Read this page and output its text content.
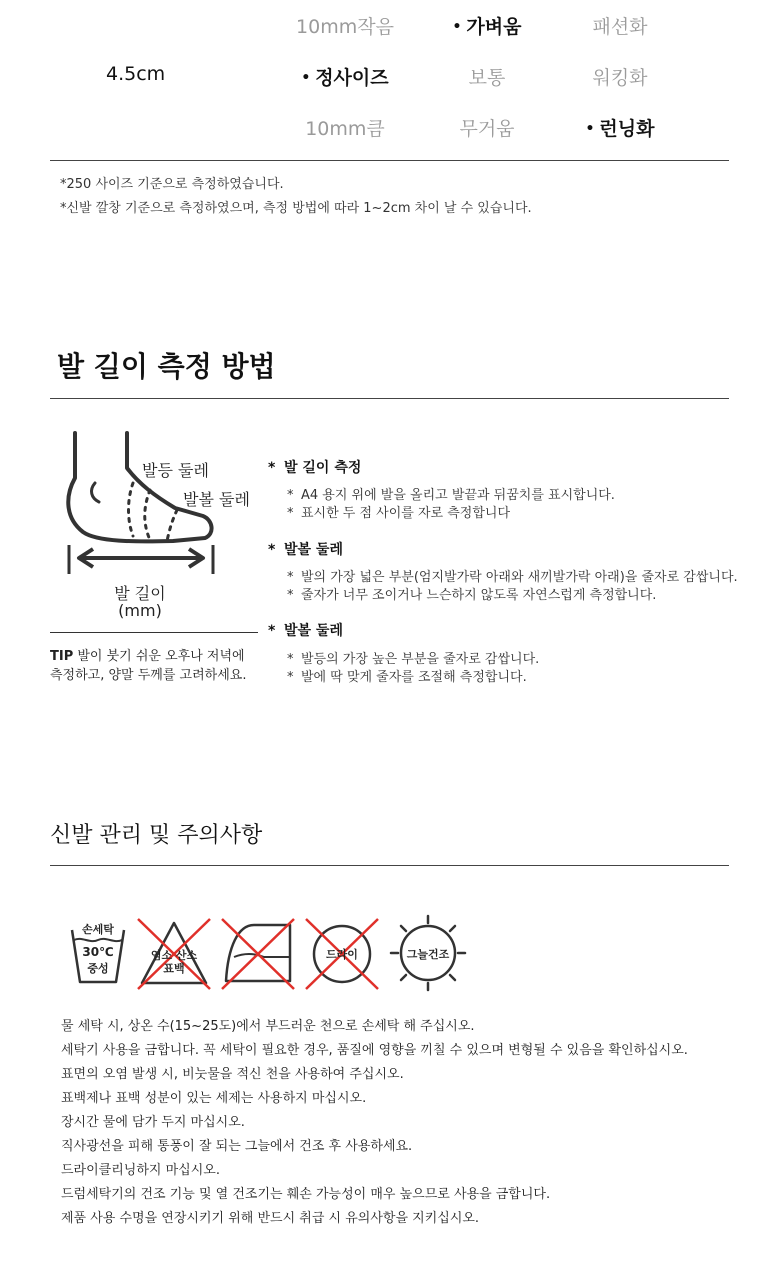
4.5cm
10mm작음
• 정사이즈
10mm큼
• 가벼움
보통
무거움
패션화
워킹화
• 런닝화
*250 사이즈 기준으로 측정하였습니다.
*신발 깔창 기준으로 측정하였으며, 측정 방법에 따라 1~2cm 차이 날 수 있습니다.
발 길이 측정 방법
발등 둘레
발볼 둘레
발 길이
(mm)
TIP 발이 붓기 쉬운 오후나 저녁에
측정하고, 양말 두께를 고려하세요.
* 발 길이 측정
* A4 용지 위에 발을 올리고 발끝과 뒤꿈치를 표시합니다.
* 표시한 두 점 사이를 자로 측정합니다
* 발볼 둘레
* 발의 가장 넓은 부분(엄지발가락 아래와 새끼발가락 아래)을 줄자로 감쌉니다.
* 줄자가 너무 조이거나 느슨하지 않도록 자연스럽게 측정합니다.
* 발볼 둘레
* 발등의 가장 높은 부분을 줄자로 감쌉니다.
* 발에 딱 맞게 줄자를 조절해 측정합니다.
신발 관리 및 주의사항
손세탁
30℃
중성
염소 산소
표백
드라이	그늘건조
물 세탁 시, 상온 수(15~25도)에서 부드러운 천으로 손세탁 해 주십시오.
세탁기 사용을 금합니다. 꼭 세탁이 필요한 경우, 품질에 영향을 끼칠 수 있으며 변형될 수 있음을 확인하십시오.
표면의 오염 발생 시, 비눗물을 적신 천을 사용하여 주십시오.
표백제나 표백 성분이 있는 세제는 사용하지 마십시오.
장시간 물에 담가 두지 마십시오.
직사광선을 피해 통풍이 잘 되는 그늘에서 건조 후 사용하세요.
드라이클리닝하지 마십시오.
드럼세탁기의 건조 기능 및 열 건조기는 훼손 가능성이 매우 높으므로 사용을 금합니다.
제품 사용 수명을 연장시키기 위해 반드시 취급 시 유의사항을 지키십시오.
